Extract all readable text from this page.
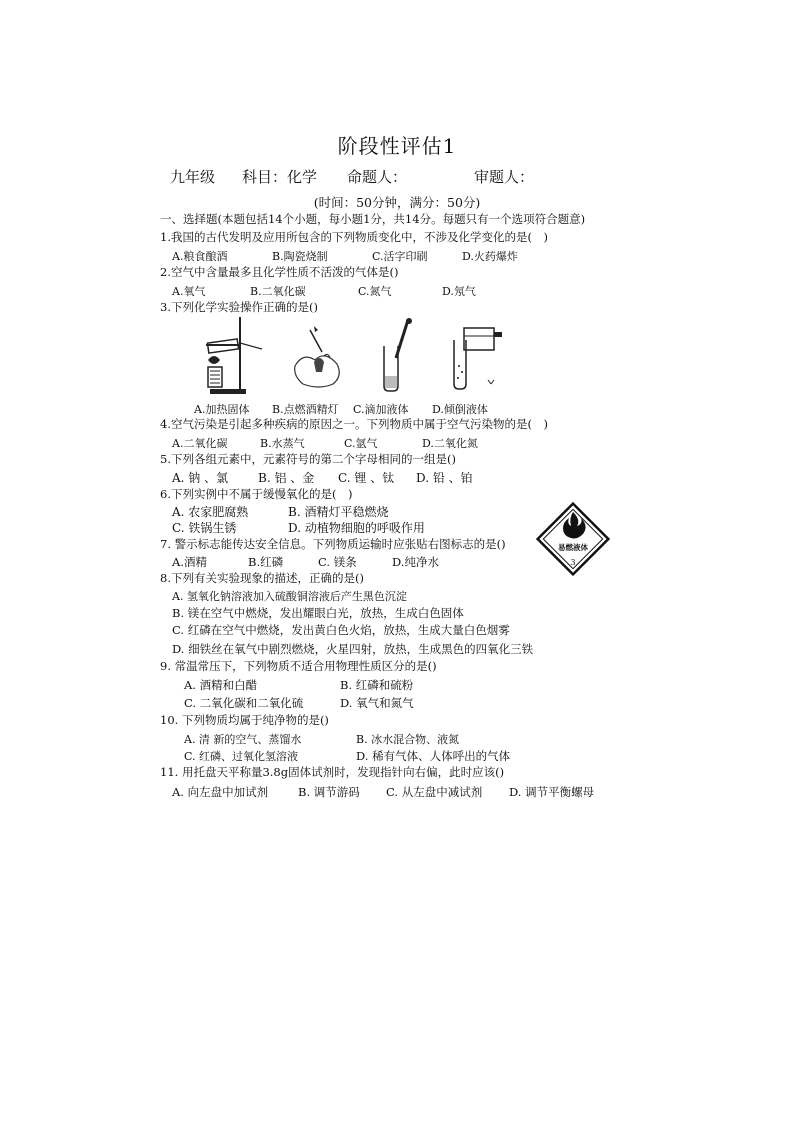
阶段性评估1
九年级 科目：化学 命题人：	审题人：
(时间：50分钟，满分：50分)
一、选择题(本题包括14个小题，每小题1分，共14分。每题只有一个选项符合题意)
1.我国的古代发明及应用所包含的下列物质变化中，不涉及化学变化的是(　)
A.粮食酿酒	B.陶瓷烧制	C.活字印刷	D.火药爆炸
2.空气中含量最多且化学性质不活泼的气体是()
A.氧气	B.二氧化碳	C.氮气	D.氖气
3.下列化学实验操作正确的是()
A.加热固体 B.点燃酒精灯 C.滴加液体 D.倾倒液体
4.空气污染是引起多种疾病的原因之一。下列物质中属于空气污染物的是(　)
A.二氧化碳	B.水蒸气	C.氩气	D.二氧化氮
5.下列各组元素中，元素符号的第二个字母相同的一组是()
A. 钠 、氯 B. 铝 、金 C. 锂 、钛 D. 铅 、铂
6.下列实例中不属于缓慢氧化的是(　)
A. 农家肥腐熟	B. 酒精灯平稳燃烧
C. 铁锅生锈	D. 动植物细胞的呼吸作用
易燃液体
3
7. 警示标志能传达安全信息。下列物质运输时应张贴右图标志的是()
A.酒精	B.红磷	C. 镁条	D.纯净水
8.下列有关实验现象的描述，正确的是()
A. 氢氧化钠溶液加入硫酸铜溶液后产生黑色沉淀
B. 镁在空气中燃烧，发出耀眼白光，放热，生成白色固体
C. 红磷在空气中燃烧，发出黄白色火焰，放热，生成大量白色烟雾
D. 细铁丝在氧气中剧烈燃烧，火星四射，放热，生成黑色的四氧化三铁
9. 常温常压下，下列物质不适合用物理性质区分的是()
A. 酒精和白醋	B. 红磷和硫粉
C. 二氧化碳和二氧化硫	D. 氧气和氮气
10. 下列物质均属于纯净物的是()
A. 清 新的空气、蒸馏水	B. 冰水混合物、液氮
C. 红磷、过氧化氢溶液	D. 稀有气体、人体呼出的气体
11. 用托盘天平称量3.8g固体试剂时，发现指针向右偏，此时应该()
A. 向左盘中加试剂	B. 调节游码 C. 从左盘中减试剂 D. 调节平衡螺母
